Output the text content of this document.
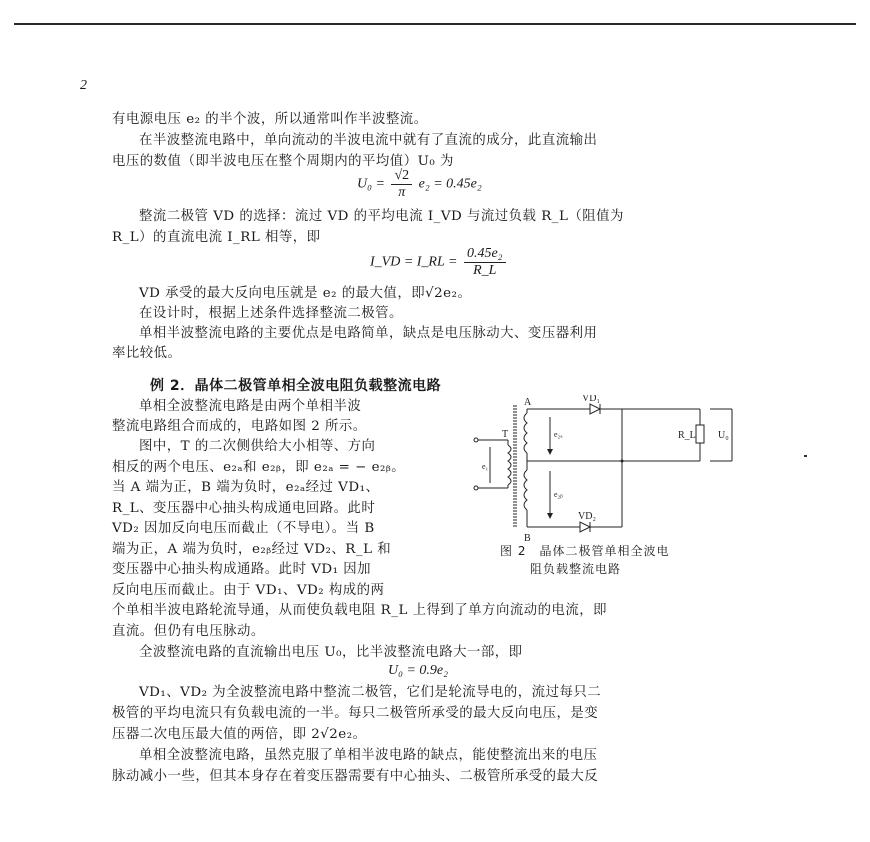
2
有电源电压 e₂ 的半个波，所以通常叫作半波整流。
在半波整流电路中，单向流动的半波电流中就有了直流的成分，此直流输出
电压的数值（即半波电压在整个周期内的平均值）U₀ 为
$U_0 = \frac{√2}{\pi} e_2 = 0.45e_2$
整流二极管 VD 的选择：流过 VD 的平均电流 I_VD 与流过负载 R_L（阻值为
R_L）的直流电流 I_RL 相等，即
I_VD = I_RL = $\frac{\text{0.45e₂}}{R\_L}$
VD 承受的最大反向电压就是 e₂ 的最大值，即√2e₂。
在设计时，根据上述条件选择整流二极管。
单相半波整流电路的主要优点是电路简单，缺点是电压脉动大、变压器利用
率比较低。
例 2．晶体二极管单相全波电阻负载整流电路
单相全波整流电路是由两个单相半波
整流电路组合而成的，电路如图 2 所示。
图中，T 的二次侧供给大小相等、方向
相反的两个电压、e₂ₐ和 e₂ᵦ，即 e₂ₐ = − e₂ᵦ。
当 A 端为正，B 端为负时，e₂ₐ经过 VD₁、
R_L、变压器中心抽头构成通电回路。此时
VD₂ 因加反向电压而截止（不导电）。当 B
端为正，A 端为负时，e₂ᵦ经过 VD₂、R_L 和
变压器中心抽头构成通路。此时 VD₁ 因加
反向电压而截止。由于 VD₁、VD₂ 构成的两
个单相半波电路轮流导通，从而使负载电阻 R_L 上得到了单方向流动的电流，即
直流。但仍有电压脉动。
全波整流电路的直流输出电压 U₀，比半波整流电路大一部，即
U₀ = 0.9e₂
VD₁、VD₂ 为全波整流电路中整流二极管，它们是轮流导电的，流过每只二
极管的平均电流只有负载电流的一半。每只二极管所承受的最大反向电压，是变
压器二次电压最大值的两倍，即 2√2e₂。
单相全波整流电路，虽然克服了单相半波电路的缺点，能使整流出来的电压
脉动减小一些，但其本身存在着变压器需要有中心抽头、二极管所承受的最大反
A
B
T
VD₁
VD₂
R_L U₀
e₁
e₂ₐ
e₂ᵦ
图 2　晶体二极管单相全波电
阻负载整流电路
